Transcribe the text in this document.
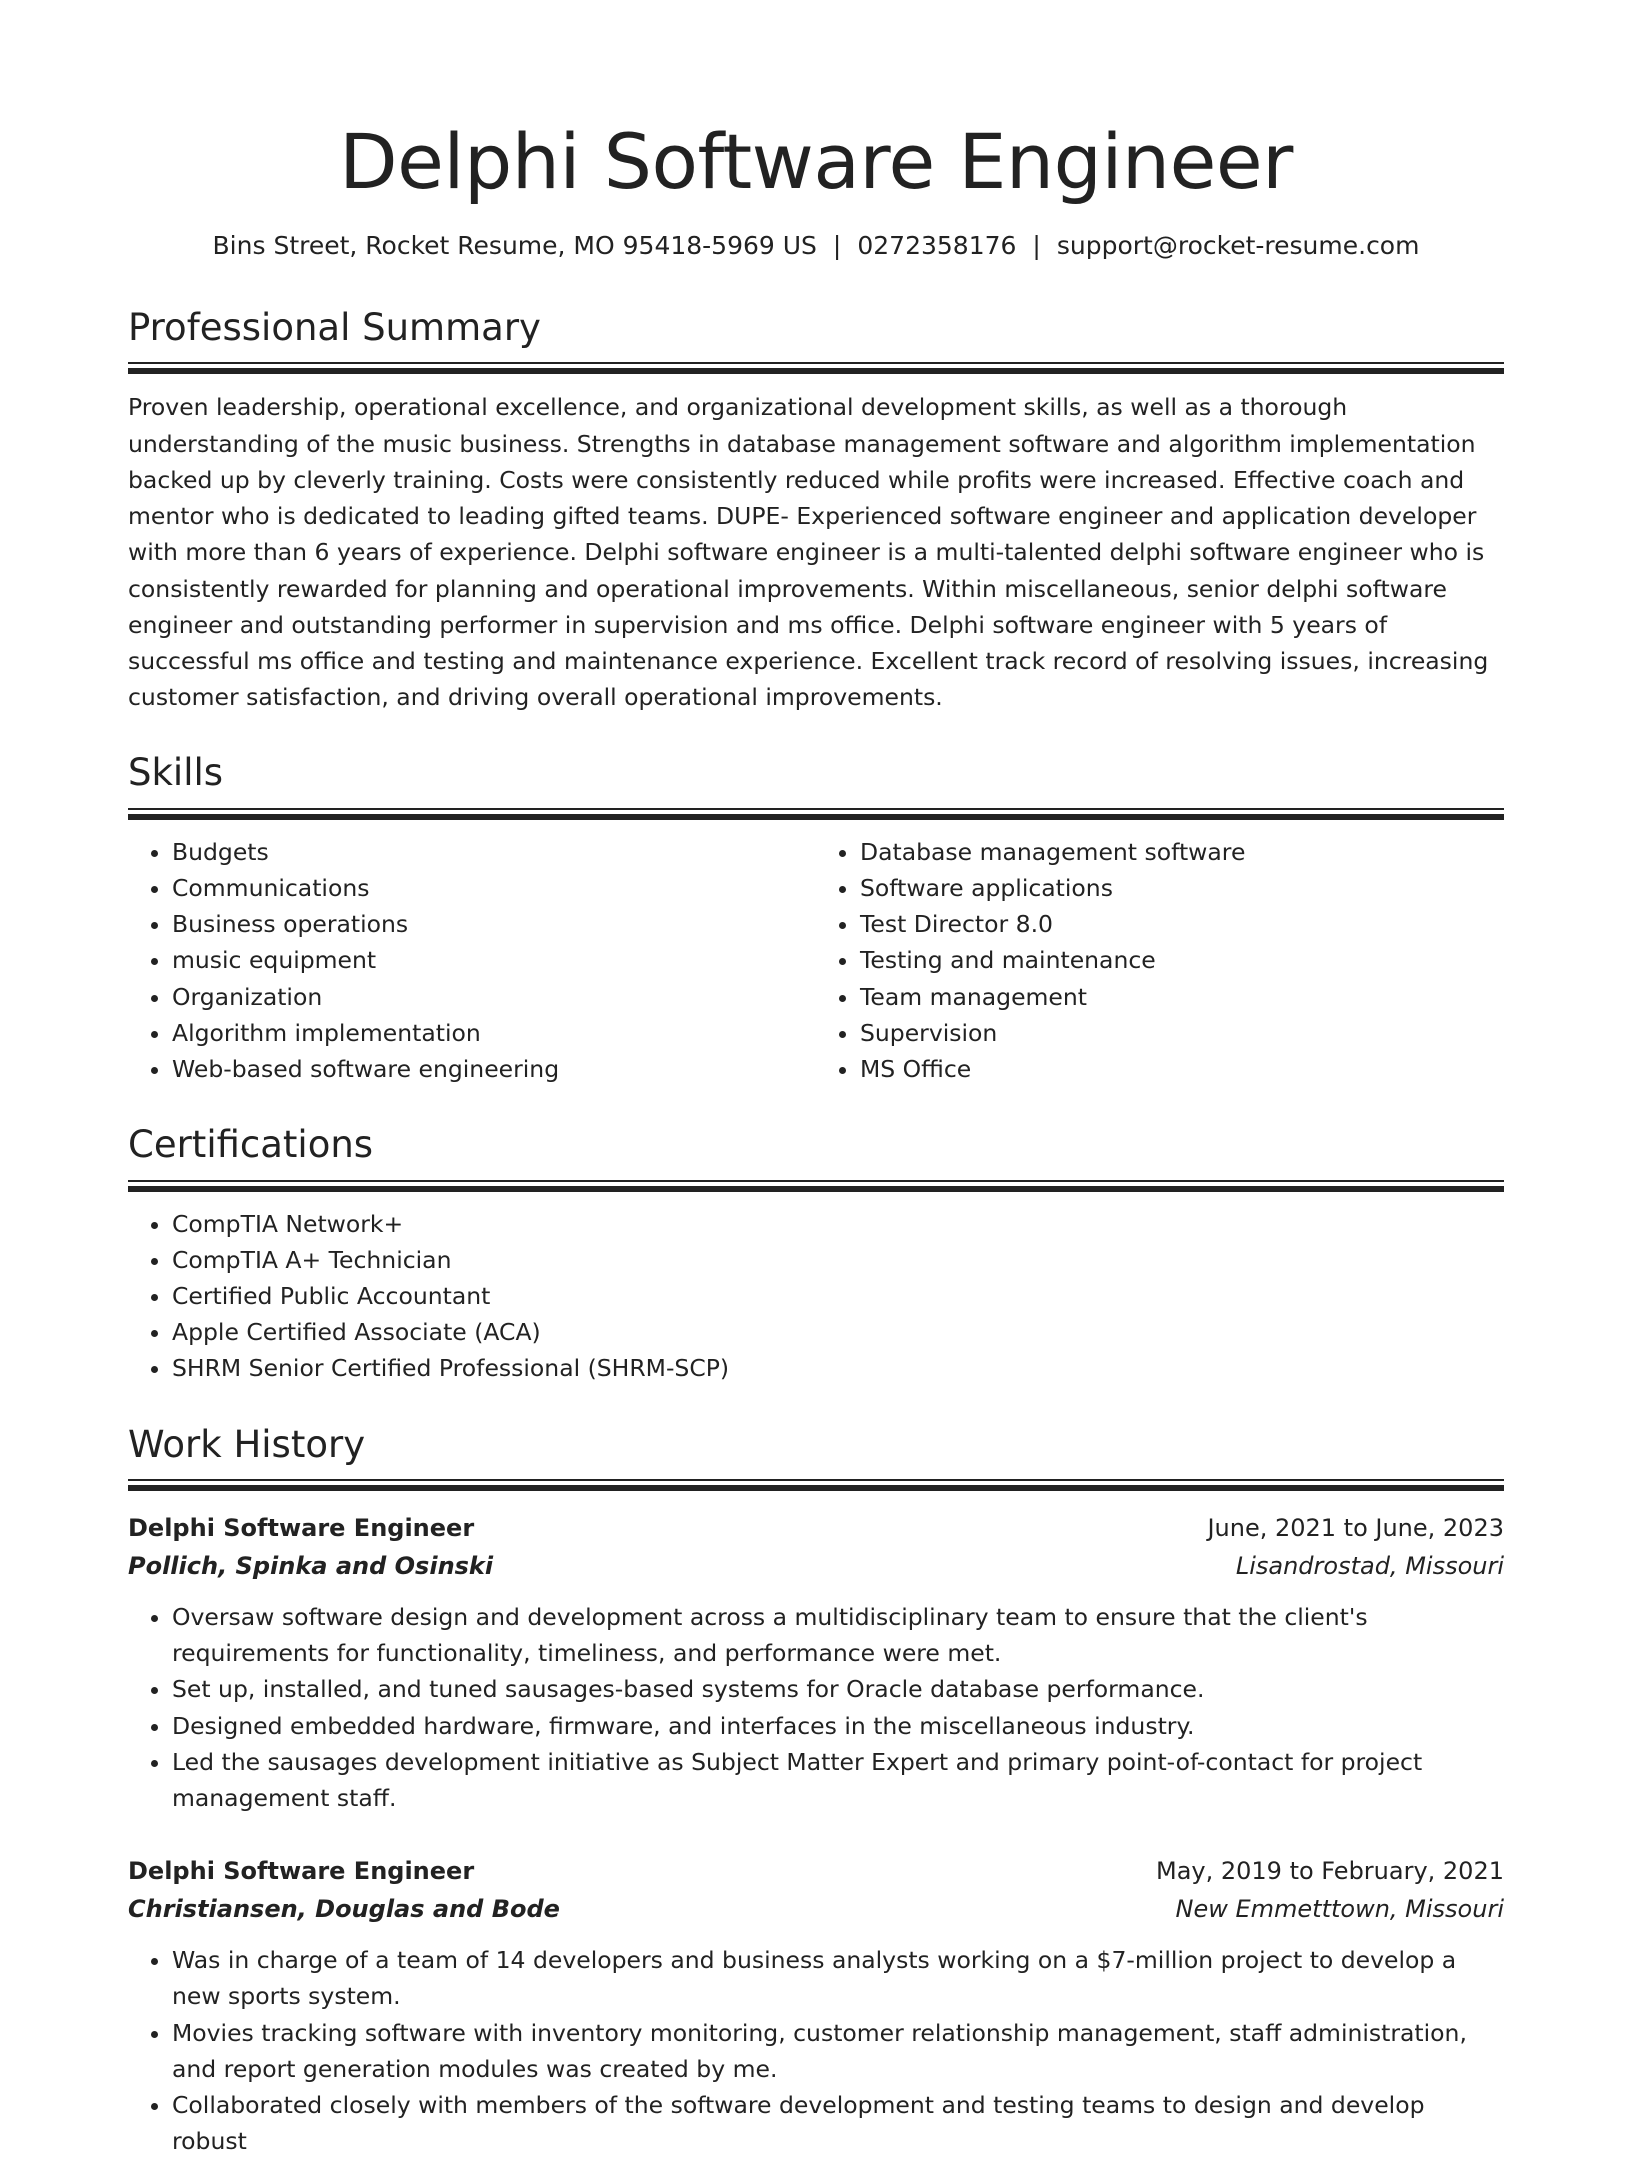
Delphi Software Engineer
Bins Street, Rocket Resume, MO 95418-5969 US | 0272358176 | support@rocket-resume.com
Professional Summary

Proven leadership, operational excellence, and organizational development skills, as well as a thorough understanding of the music business. Strengths in database management software and algorithm implementation backed up by cleverly training. Costs were consistently reduced while profits were increased. Effective coach and mentor who is dedicated to leading gifted teams. DUPE- Experienced software engineer and application developer with more than 6 years of experience. Delphi software engineer is a multi-talented delphi software engineer who is consistently rewarded for planning and operational improvements. Within miscellaneous, senior delphi software engineer and outstanding performer in supervision and ms office. Delphi software engineer with 5 years of successful ms office and testing and maintenance experience. Excellent track record of resolving issues, increasing customer satisfaction, and driving overall operational improvements.

Skills
• Budgets
• Communications
• Business operations
• music equipment
• Organization
• Algorithm implementation
• Web-based software engineering
• Database management software
• Software applications
• Test Director 8.0
• Testing and maintenance
• Team management
• Supervision
• MS Office
Certifications
• CompTIA Network+
• CompTIA A+ Technician
• Certified Public Accountant
• Apple Certified Associate (ACA)
• SHRM Senior Certified Professional (SHRM-SCP)
Work History
Delphi Software Engineer	June, 2021 to June, 2023
Pollich, Spinka and Osinski	Lisandrostad, Missouri
• Oversaw software design and development across a multidisciplinary team to ensure that the client's requirements for functionality, timeliness, and performance were met.
• Set up, installed, and tuned sausages-based systems for Oracle database performance.
• Designed embedded hardware, firmware, and interfaces in the miscellaneous industry.
• Led the sausages development initiative as Subject Matter Expert and primary point-of-contact for project management staff.
Delphi Software Engineer	May, 2019 to February, 2021
Christiansen, Douglas and Bode	New Emmetttown, Missouri
• Was in charge of a team of 14 developers and business analysts working on a $7-million project to develop a new sports system.
• Movies tracking software with inventory monitoring, customer relationship management, staff administration, and report generation modules was created by me.
• Collaborated closely with members of the software development and testing teams to design and develop robust
